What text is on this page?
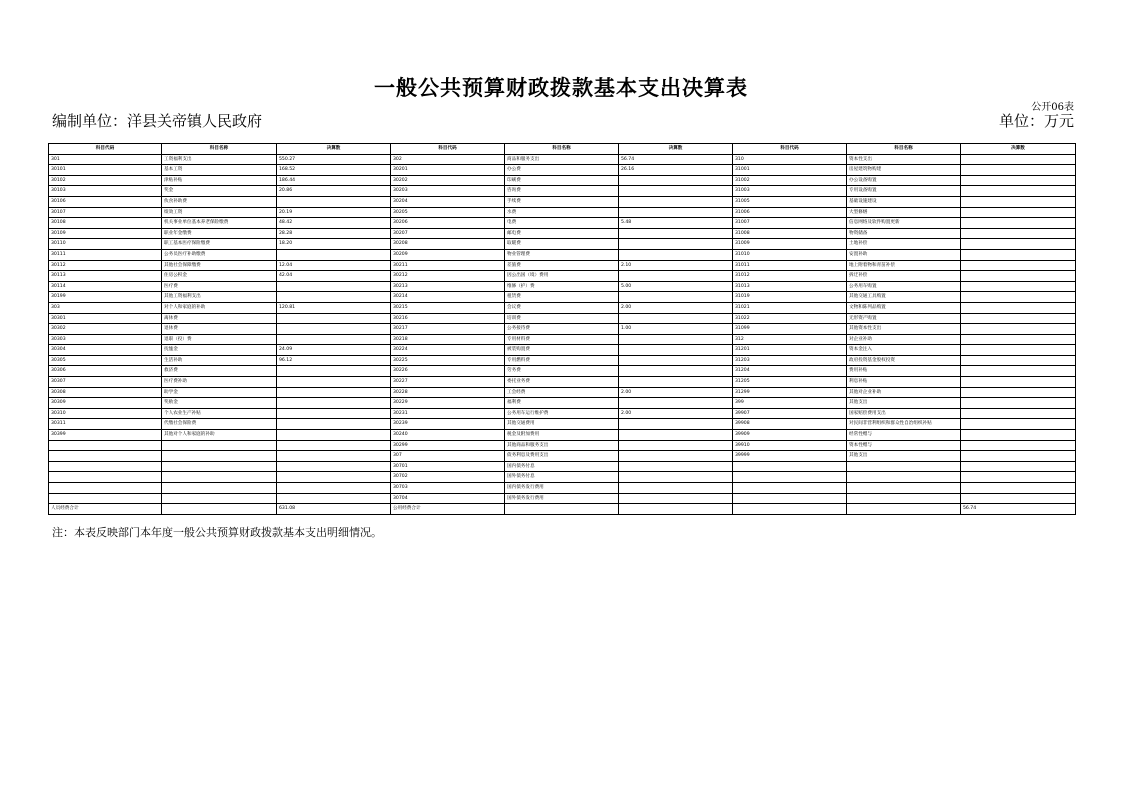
一般公共预算财政拨款基本支出决算表
公开06表
编制单位：洋县关帝镇人民政府	单位：万元
科目代码	科目名称	决算数	科目代码	科目名称	决算数	科目代码	科目名称	决算数
301	工资福利支出	550.27	302	商品和服务支出	56.74	310	资本性支出	
30101	基本工资	168.52	30201	办公费	26.16	31001	房屋建筑物购建	
30102	津贴补贴	186.44	30202	印刷费		31002	办公设备购置	
30103	奖金	20.86	30203	咨询费		31003	专用设备购置	
30106	伙食补助费		30204	手续费		31005	基础设施建设	
30107	绩效工资	20.19	30205	水费		31006	大型修缮	
30108	机关事业单位基本养老保险缴费	48.42	30206	电费	5.48	31007	信息网络及软件购置更新	
30109	职业年金缴费	28.28	30207	邮电费		31008	物资储备	
30110	职工基本医疗保险缴费	18.20	30208	取暖费		31009	土地补偿	
30111	公务员医疗补助缴费		30209	物业管理费		31010	安置补助	
30112	其他社会保障缴费	12.04	30211	差旅费	2.10	31011	地上附着物和青苗补偿	
30113	住房公积金	42.04	30212	因公出国（境）费用		31012	拆迁补偿	
30114	医疗费		30213	维修（护）费	5.00	31013	公务用车购置	
30199	其他工资福利支出		30214	租赁费		31019	其他交通工具购置	
303	对个人和家庭的补助	120.81	30215	会议费	2.00	31021	文物和陈列品购置	
30301	离休费		30216	培训费		31022	无形资产购置	
30302	退休费		30217	公务接待费	1.00	31099	其他资本性支出	
30303	退职（役）费		30218	专用材料费		312	对企业补助	
30304	抚恤金	24.09	30224	被装购置费		31201	资本金注入	
30305	生活补助	96.12	30225	专用燃料费		31203	政府投资基金股权投资	
30306	救济费		30226	劳务费		31204	费用补贴	
30307	医疗费补助		30227	委托业务费		31205	利息补贴	
30308	助学金		30228	工会经费	2.00	31299	其他对企业补助	
30309	奖励金		30229	福利费		399	其他支出	
30310	个人农业生产补贴		30231	公务用车运行维护费	2.00	39907	国家赔偿费用支出	
30311	代缴社会保险费		30239	其他交通费用		39908	对民间非营利组织和群众性自治组织补贴	
30399	其他对个人和家庭的补助		30240	税金及附加费用		39909	经常性赠与	
			30299	其他商品和服务支出		39910	资本性赠与	
			307	债务利息及费用支出		39999	其他支出	
			30701	国内债务付息				
			30702	国外债务付息				
			30703	国内债务发行费用				
			30704	国外债务发行费用				
人员经费合计		631.08	公用经费合计					56.74
注：本表反映部门本年度一般公共预算财政拨款基本支出明细情况。
